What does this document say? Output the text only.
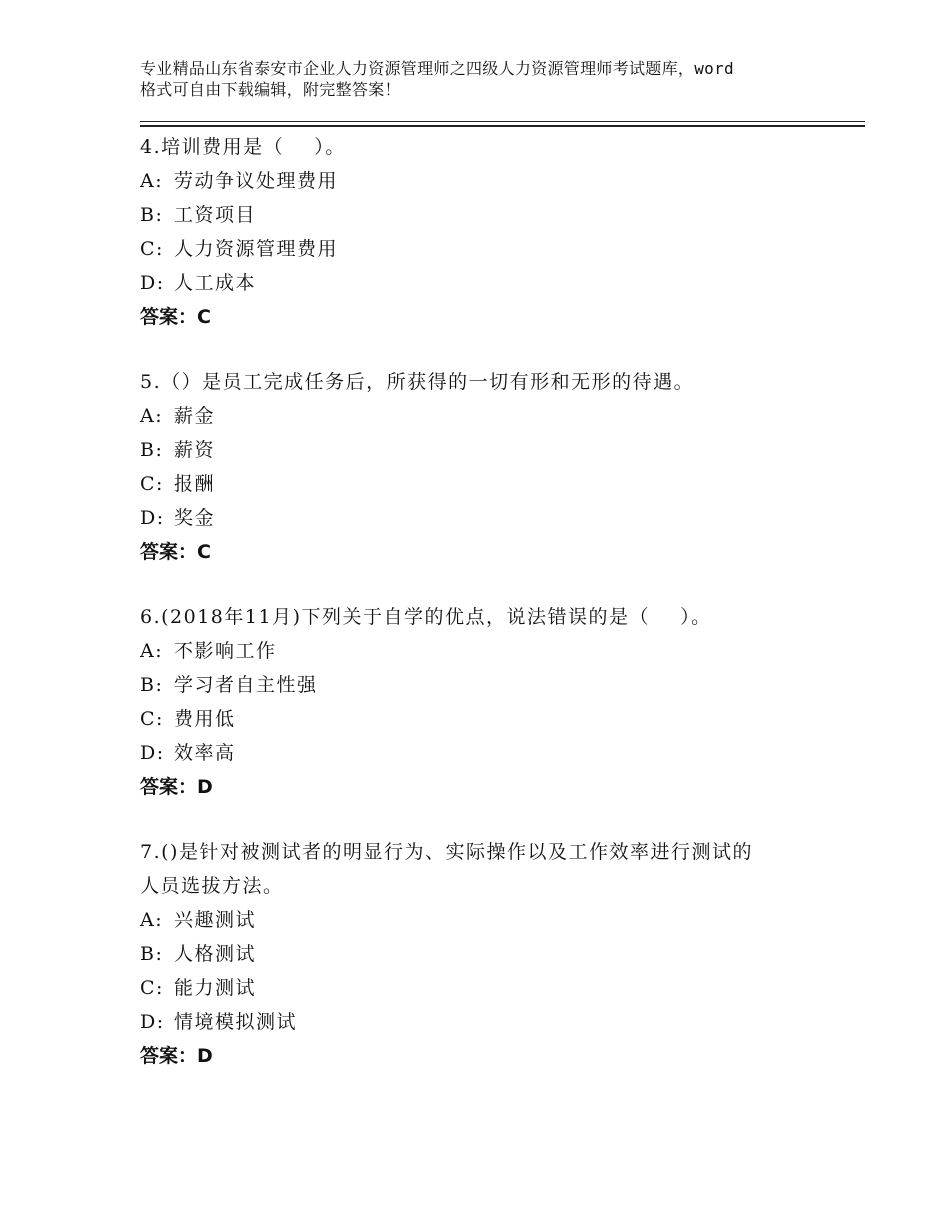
专业精品山东省泰安市企业人力资源管理师之四级人力资源管理师考试题库，word
格式可自由下载编辑，附完整答案！
4.培训费用是（    ）。
A: 劳动争议处理费用
B: 工资项目
C: 人力资源管理费用
D: 人工成本
答案：C
5.（）是员工完成任务后，所获得的一切有形和无形的待遇。
A: 薪金
B: 薪资
C: 报酬
D: 奖金
答案：C
6.(2018年11月)下列关于自学的优点，说法错误的是（    ）。
A: 不影响工作
B: 学习者自主性强
C: 费用低
D: 效率高
答案：D
7.()是针对被测试者的明显行为、实际操作以及工作效率进行测试的
人员选拔方法。
A: 兴趣测试
B: 人格测试
C: 能力测试
D: 情境模拟测试
答案：D
